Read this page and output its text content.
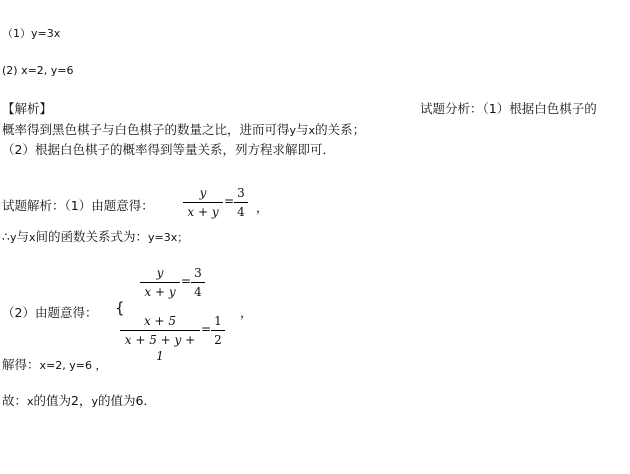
（1）y=3x
(2) x=2, y=6
【解析】	试题分析：（1）根据白色棋子的
概率得到黑色棋子与白色棋子的数量之比，进而可得y与x的关系；
（2）根据白色棋子的概率得到等量关系，列方程求解即可．
试题解析：（1）由题意得：
y
x + y
=
3
4 ，
∴y与x间的函数关系式为：y=3x；
（2）由题意得： {
y
x + y
=
3
4
x + 5
x + 5 + y + 1
=
1
2
，
解得：x=2, y=6 ，
故：x的值为2，y的值为6．
